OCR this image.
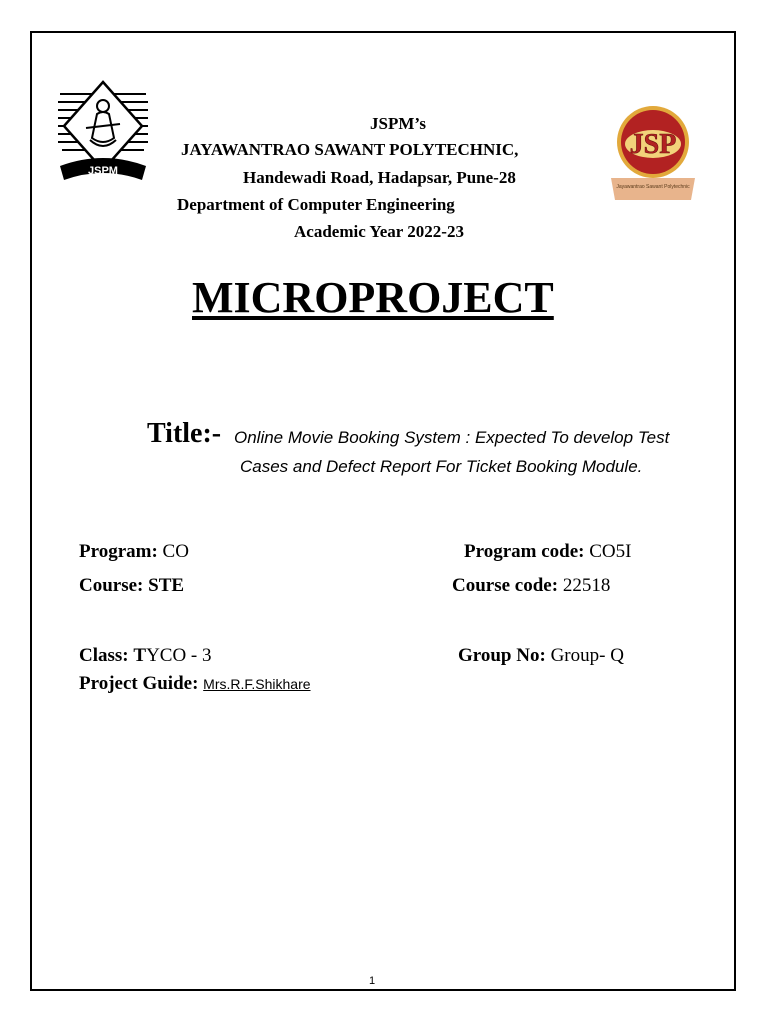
JSPM
JSP
Jayawantrao Sawant Polytechnic
JSPM’s
JAYAWANTRAO SAWANT POLYTECHNIC,
Handewadi Road, Hadapsar, Pune-28
Department of Computer Engineering
Academic Year 2022-23
MICROPROJECT
Title:- Online Movie Booking System : Expected To develop Test
Cases and Defect Report For Ticket Booking Module.
Program: CO	Program code: CO5I
Course: STE	Course code: 22518
Class: TYCO - 3	Group No: Group- Q
Project Guide: Mrs.R.F.Shikhare
1
